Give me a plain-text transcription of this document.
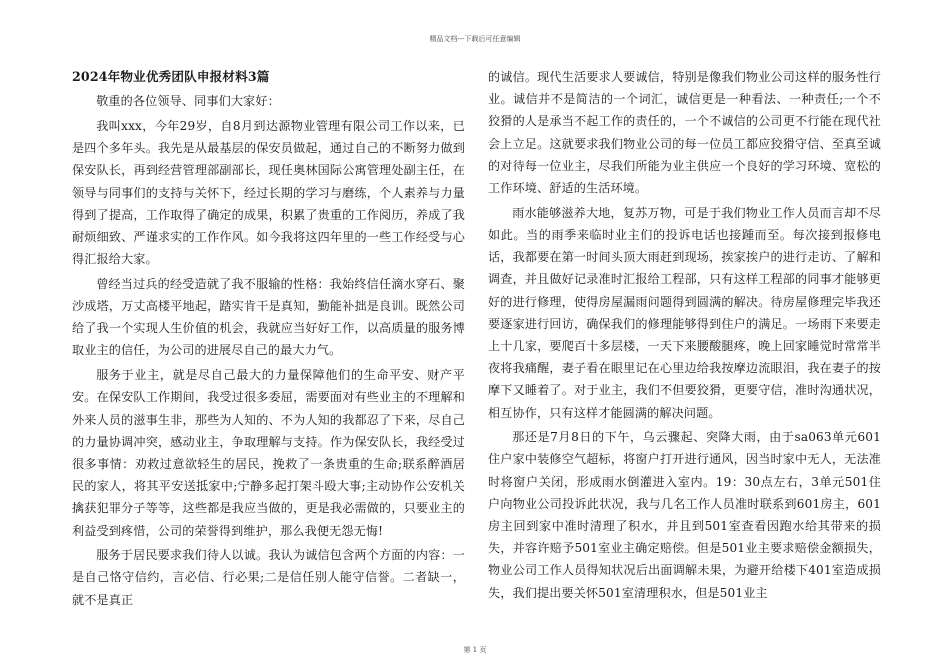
精品文档---下载后可任意编辑
2024年物业优秀团队申报材料3篇

敬重的各位领导、同事们大家好：

我叫xxx，今年29岁，自8月到达源物业管理有限公司工作以来，已是四个多年头。我先是从最基层的保安员做起，通过自己的不断努力做到保安队长，再到经营管理部副部长，现任奥林国际公寓管理处副主任，在领导与同事们的支持与关怀下，经过长期的学习与磨练，个人素养与力量得到了提高，工作取得了确定的成果，积累了贵重的工作阅历，养成了我耐烦细致、严谨求实的工作作风。如今我将这四年里的一些工作经受与心得汇报给大家。

曾经当过兵的经受造就了我不服输的性格：我始终信任滴水穿石、聚沙成塔，万丈高楼平地起，踏实肯干是真知，勤能补拙是良训。既然公司给了我一个实现人生价值的机会，我就应当好好工作，以高质量的服务博取业主的信任，为公司的进展尽自己的最大力气。

服务于业主，就是尽自己最大的力量保障他们的生命平安、财产平安。在保安队工作期间，我受过很多委屈，需要面对有些业主的不理解和外来人员的滋事生非，那些为人知的、不为人知的我都忍了下来，尽自己的力量协调冲突，感动业主，争取理解与支持。作为保安队长，我经受过很多事情：劝救过意欲轻生的居民，挽救了一条贵重的生命;联系醉酒居民的家人，将其平安送抵家中;宁静多起打架斗殴大事;主动协作公安机关擒获犯罪分子等等，这些都是我应当做的，更是我必需做的，只要业主的利益受到疼惜，公司的荣誉得到维护，那么我便无怨无悔!

服务于居民要求我们待人以诚。我认为诚信包含两个方面的内容：一是自己恪守信约，言必信、行必果;二是信任别人能守信誉。二者缺一，就不是真正

的诚信。现代生活要求人要诚信，特别是像我们物业公司这样的服务性行业。诚信并不是简洁的一个词汇，诚信更是一种看法、一种责任;一个不狡猾的人是承当不起工作的责任的，一个不诚信的公司更不行能在现代社会上立足。这就要求我们物业公司的每一位员工都应狡猾守信、至真至诚的对待每一位业主，尽我们所能为业主供应一个良好的学习环境、宽松的工作环境、舒适的生活环境。

雨水能够滋养大地，复苏万物，可是于我们物业工作人员而言却不尽如此。当的雨季来临时业主们的投诉电话也接踵而至。每次接到报修电话，我都要在第一时间头顶大雨赶到现场，挨家挨户的进行走访、了解和调查，并且做好记录准时汇报给工程部，只有这样工程部的同事才能够更好的进行修理，使得房屋漏雨问题得到圆满的解决。待房屋修理完毕我还要逐家进行回访，确保我们的修理能够得到住户的满足。一场雨下来要走上十几家，要爬百十多层楼，一天下来腰酸腿疼，晚上回家睡觉时常常半夜将我痛醒，妻子看在眼里记在心里边给我按摩边流眼泪，我在妻子的按摩下又睡着了。对于业主，我们不但要狡猾，更要守信，准时沟通状况，相互协作，只有这样才能圆满的解决问题。

那还是7月8日的下午，乌云骤起、突降大雨，由于sa063单元601住户家中装修空气超标，将窗户打开进行通风，因当时家中无人，无法准时将窗户关闭，形成雨水倒灌进入室内。19：30点左右，3单元501住户向物业公司投诉此状况，我与几名工作人员准时联系到601房主，601房主回到家中准时清理了积水，并且到501室查看因跑水给其带来的损失，并容许赔予501室业主确定赔偿。但是501业主要求赔偿金额损失，物业公司工作人员得知状况后出面调解未果，为避开给楼下401室造成损失，我们提出要关怀501室清理积水，但是501业主

第 1 页
